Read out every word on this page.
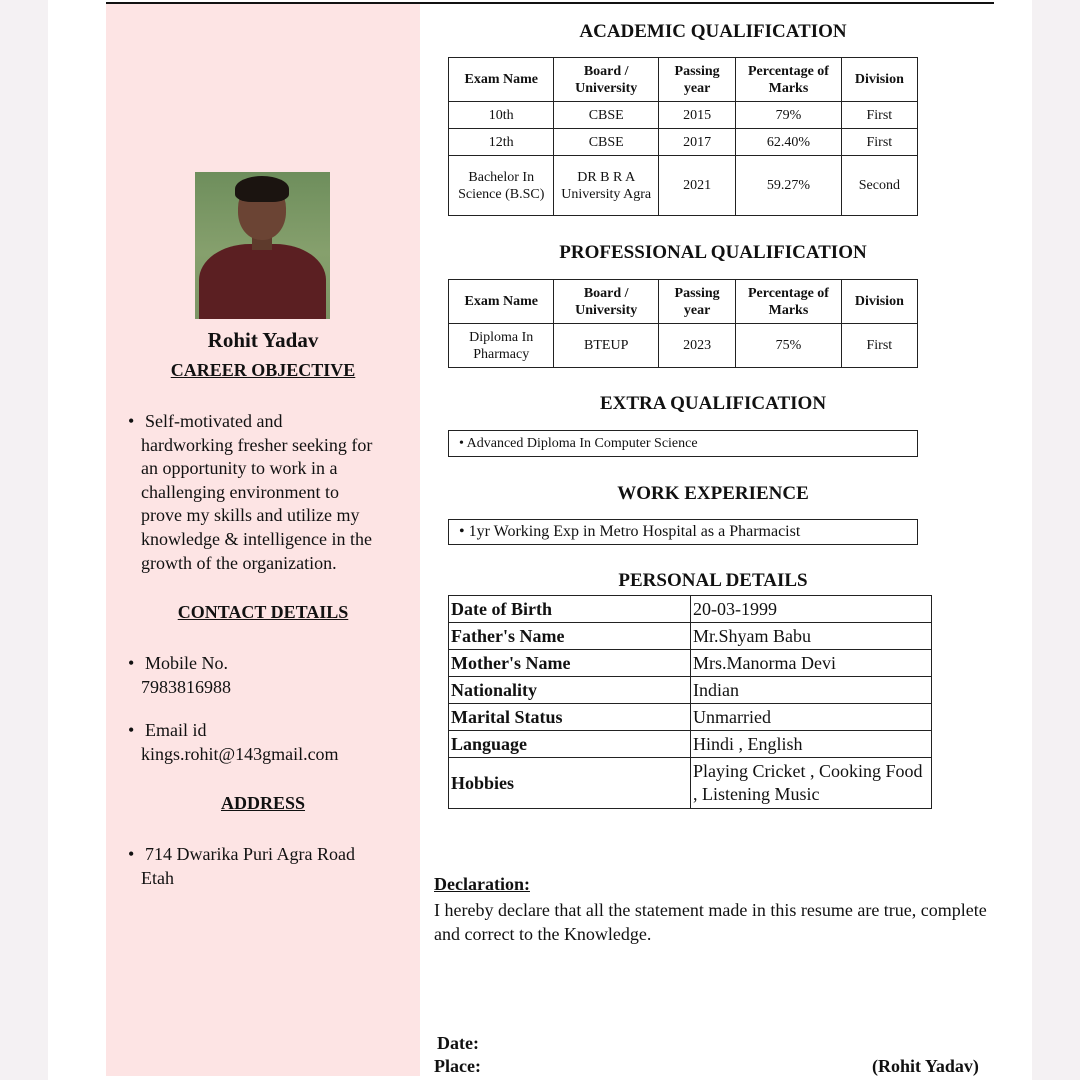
Rohit Yadav
CAREER OBJECTIVE
• Self-motivated and
hardworking fresher seeking for
an opportunity to work in a
challenging environment to
prove my skills and utilize my
knowledge & intelligence in the
growth of the organization.
CONTACT DETAILS
• Mobile No.
7983816988
• Email id
kings.rohit@143gmail.com
ADDRESS
• 714 Dwarika Puri Agra Road
Etah
ACADEMIC QUALIFICATION
Exam Name	Board / University	Passing year	Percentage of Marks	Division
10th	CBSE	2015	79%	First
12th	CBSE	2017	62.40%	First
Bachelor In Science (B.SC)	DR B R A University Agra	2021	59.27%	Second
PROFESSIONAL QUALIFICATION
Exam Name	Board / University	Passing year	Percentage of Marks	Division
Diploma In Pharmacy	BTEUP	2023	75%	First
EXTRA QUALIFICATION
• Advanced Diploma In Computer Science
WORK EXPERIENCE
• 1yr Working Exp in Metro Hospital as a Pharmacist
PERSONAL DETAILS
Date of Birth	20-03-1999
Father's Name	Mr.Shyam Babu
Mother's Name	Mrs.Manorma Devi
Nationality	Indian
Marital Status	Unmarried
Language	Hindi , English
Hobbies	Playing Cricket , Cooking Food , Listening Music
Declaration:
I hereby declare that all the statement made in this resume are true, complete and correct to the Knowledge.
Date:
Place:	(Rohit Yadav)
